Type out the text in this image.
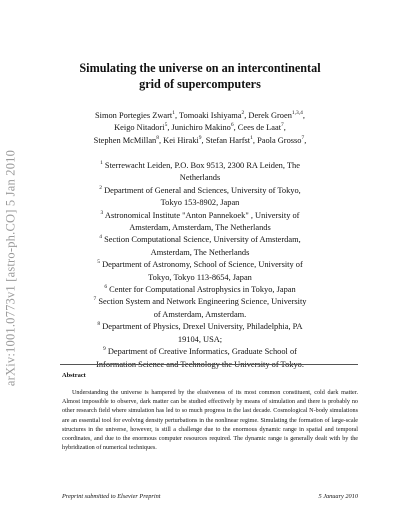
arXiv:1001.0773v1 [astro-ph.CO] 5 Jan 2010
Simulating the universe on an intercontinental
grid of supercomputers
Simon Portegies Zwart$^1$, Tomoaki Ishiyama$^2$, Derek Groen$^{1,3,4}$,
Keigo Nitadori$^5$, Junichiro Makino$^6$, Cees de Laat$^7$,
Stephen McMillan$^8$, Kei Hiraki$^9$, Stefan Harfst$^1$, Paola Grosso$^7$,
$^1$ Sterrewacht Leiden, P.O. Box 9513, 2300 RA Leiden, The
Netherlands
$^2$ Department of General and Sciences, University of Tokyo,
Tokyo 153-8902, Japan
$^3$ Astronomical Institute "Anton Pannekoek" , University of
Amsterdam, Amsterdam, The Netherlands
$^4$ Section Computational Science, University of Amsterdam,
Amsterdam, The Netherlands
$^5$ Department of Astronomy, School of Science, University of
Tokyo, Tokyo 113-8654, Japan
$^6$ Center for Computational Astrophysics in Tokyo, Japan
$^7$ Section System and Network Engineering Science, University
of Amsterdam, Amsterdam.
$^8$ Department of Physics, Drexel University, Philadelphia, PA
19104, USA;
$^9$ Department of Creative Informatics, Graduate School of
Information Science and Technology the University of Tokyo.
Abstract

Understanding the universe is hampered by the elusiveness of its most common constituent, cold dark matter. Almost impossible to observe, dark matter can be studied effectively by means of simulation and there is probably no other research field where simulation has led to so much progress in the last decade. Cosmological N-body simulations are an essential tool for evolving density perturbations in the nonlinear regime. Simulating the formation of large-scale structures in the universe, however, is still a challenge due to the enormous dynamic range in spatial and temporal coordinates, and due to the enormous computer resources required. The dynamic range is generally dealt with by the hybridization of numerical techniques.

Preprint submitted to Elsevier Preprint	5 January 2010
